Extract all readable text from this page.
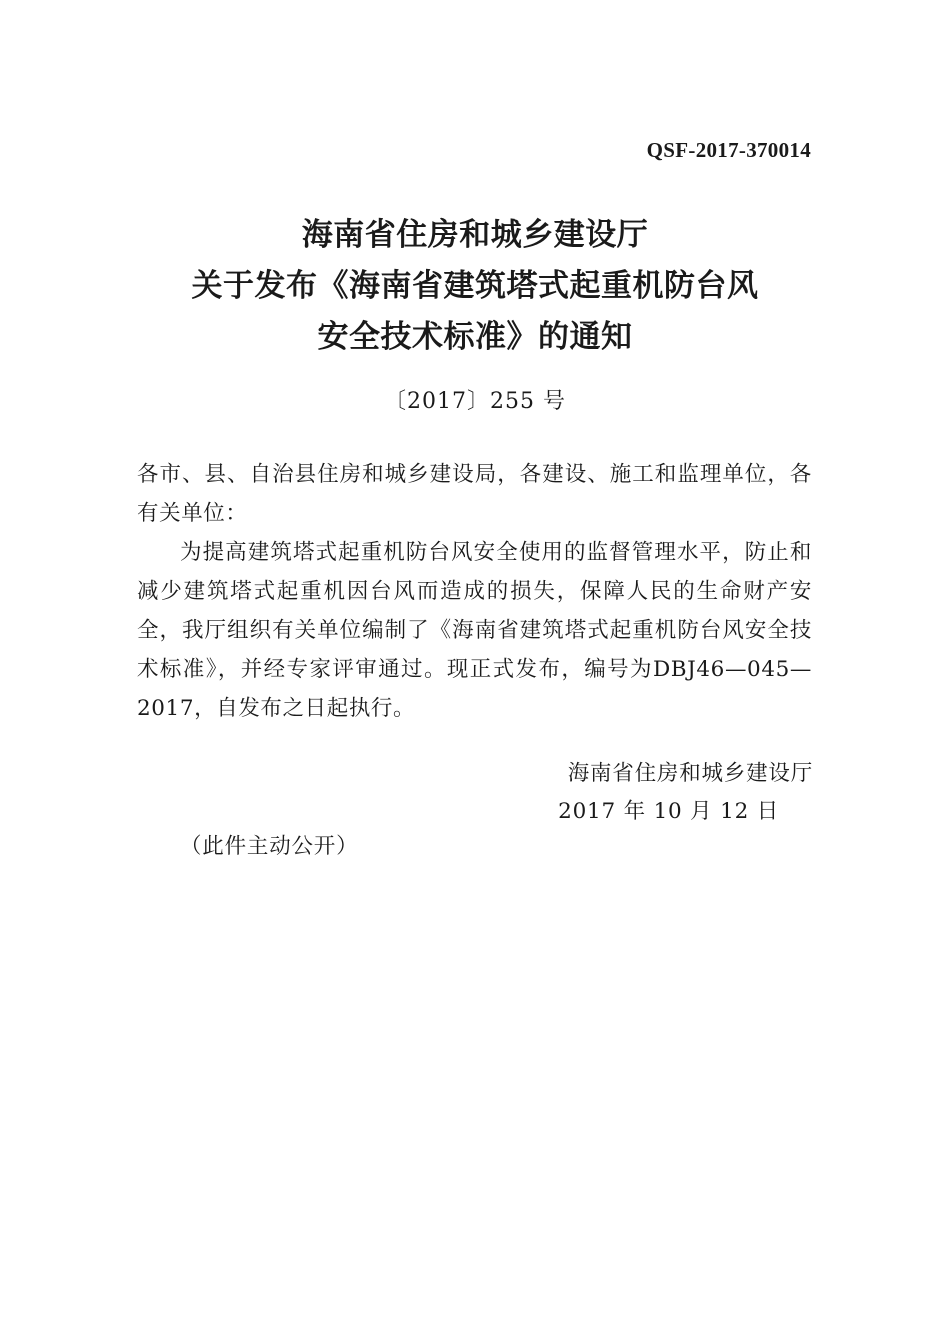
QSF-2017-370014
海南省住房和城乡建设厅
关于发布《海南省建筑塔式起重机防台风
安全技术标准》的通知
〔2017〕255 号

各市、县、自治县住房和城乡建设局，各建设、施工和监理单位，各有关单位：

为提高建筑塔式起重机防台风安全使用的监督管理水平，防止和减少建筑塔式起重机因台风而造成的损失，保障人民的生命财产安全，我厅组织有关单位编制了《海南省建筑塔式起重机防台风安全技术标准》，并经专家评审通过。现正式发布，编号为DBJ46—045—2017，自发布之日起执行。

海南省住房和城乡建设厅
2017 年 10 月 12 日
（此件主动公开）
